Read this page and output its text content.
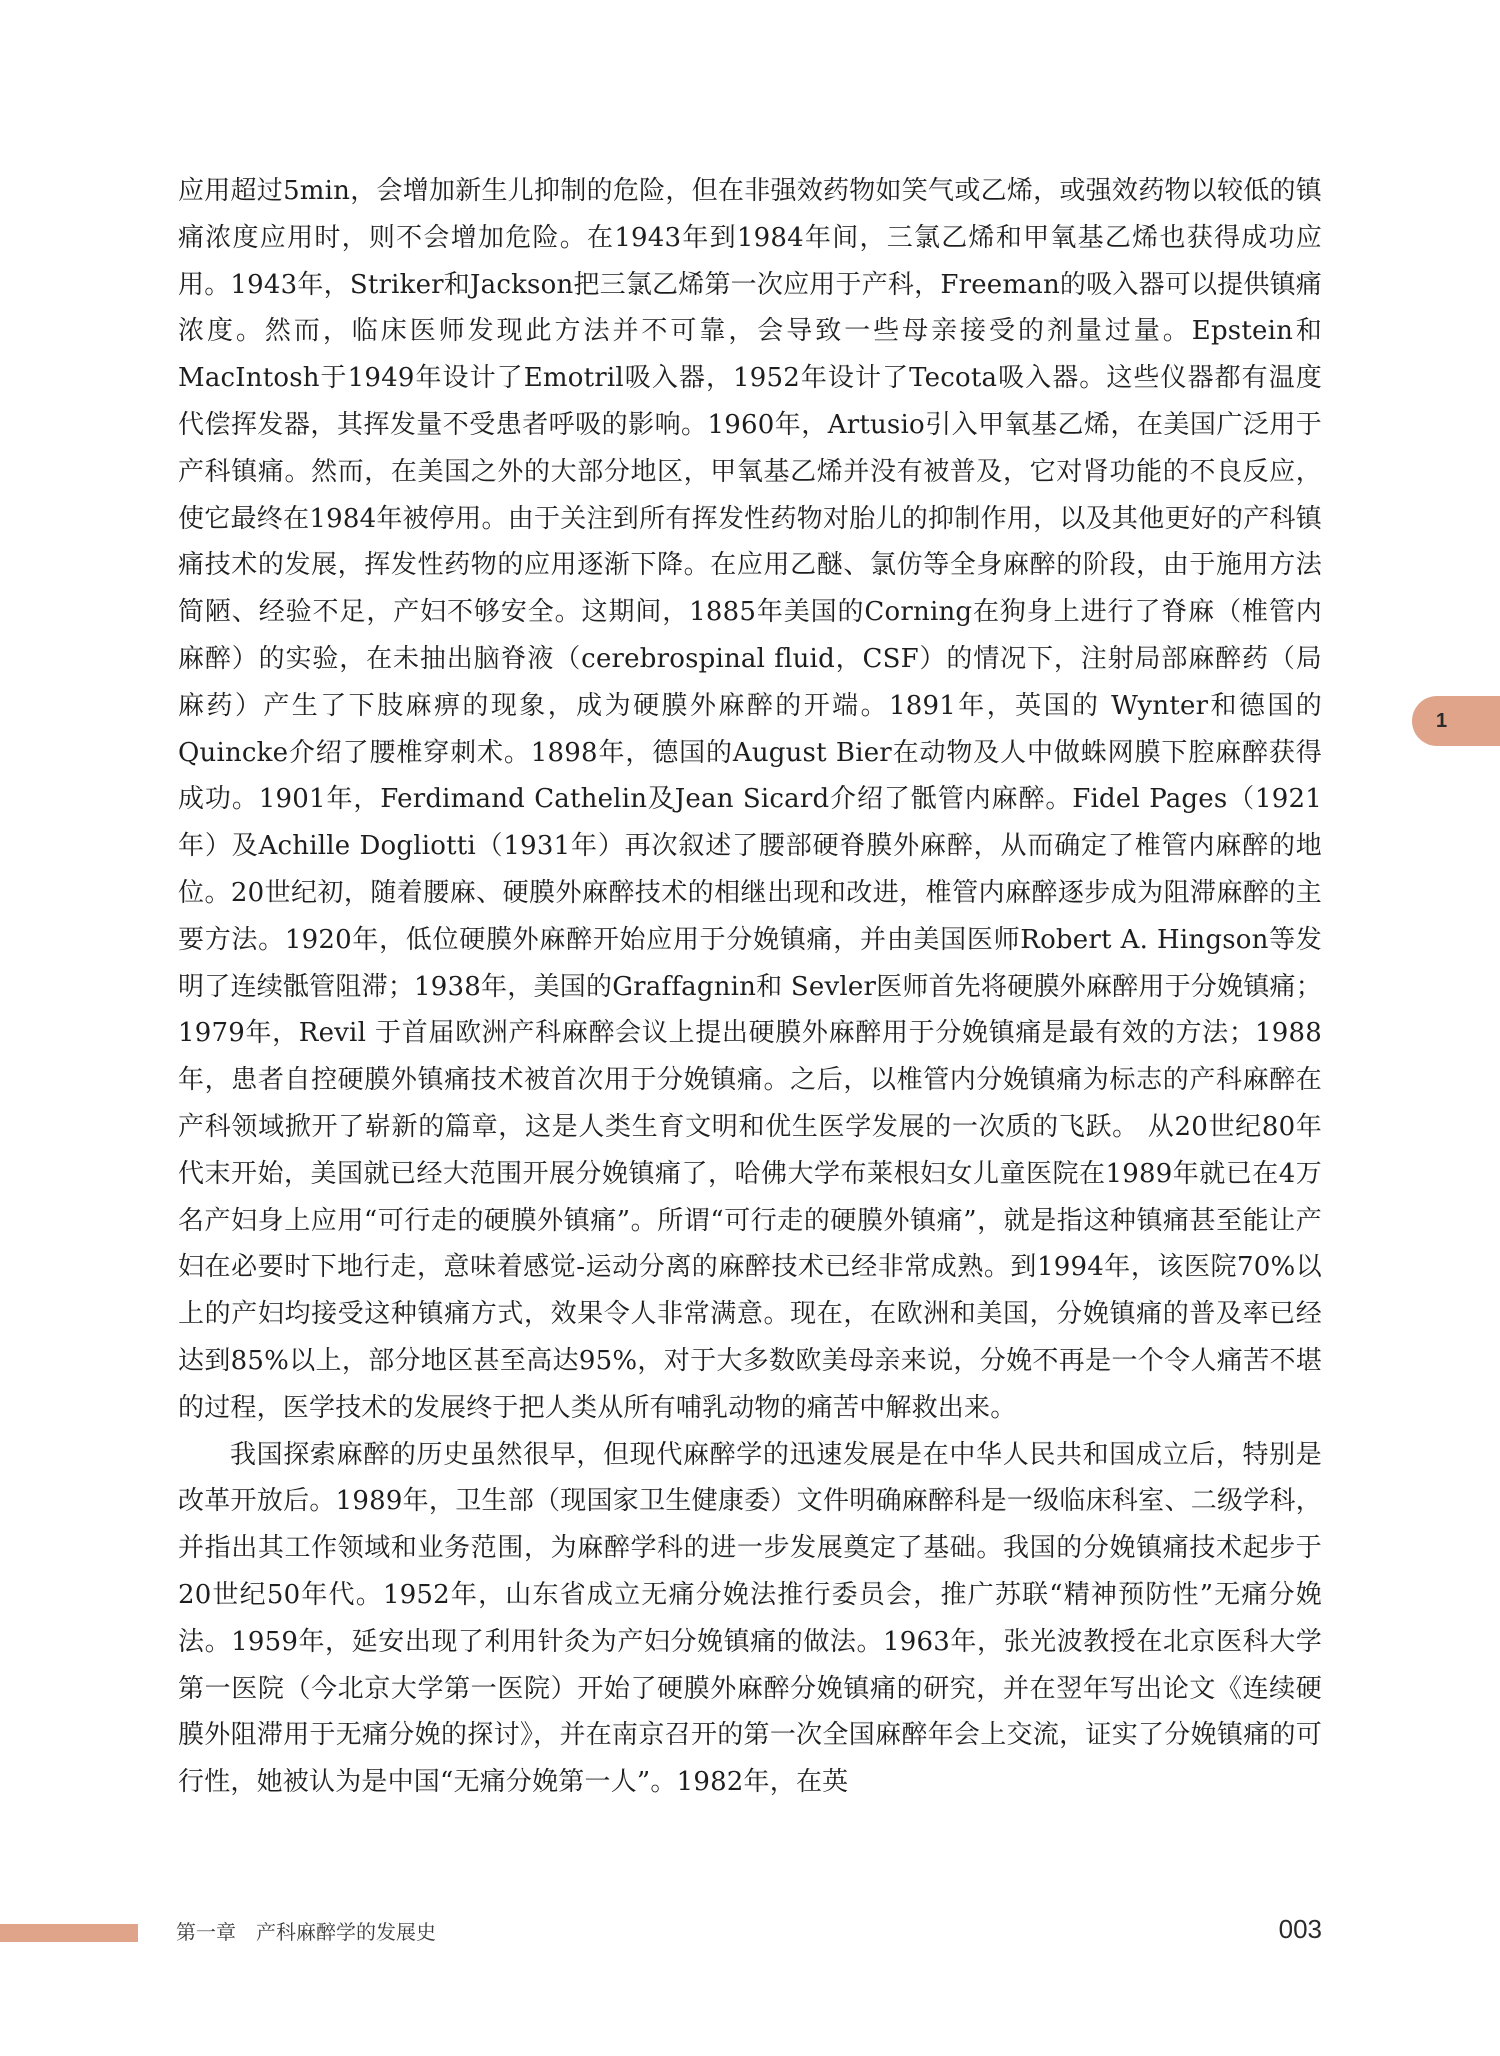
应用超过5min，会增加新生儿抑制的危险，但在非强效药物如笑气或乙烯，或强效药物以较低的镇痛浓度应用时，则不会增加危险。在1943年到1984年间，三氯乙烯和甲氧基乙烯也获得成功应用。1943年，Striker和Jackson把三氯乙烯第一次应用于产科，Freeman的吸入器可以提供镇痛浓度。然而，临床医师发现此方法并不可靠，会导致一些母亲接受的剂量过量。Epstein和MacIntosh于1949年设计了Emotril吸入器，1952年设计了Tecota吸入器。这些仪器都有温度代偿挥发器，其挥发量不受患者呼吸的影响。1960年，Artusio引入甲氧基乙烯，在美国广泛用于产科镇痛。然而，在美国之外的大部分地区，甲氧基乙烯并没有被普及，它对肾功能的不良反应，使它最终在1984年被停用。由于关注到所有挥发性药物对胎儿的抑制作用，以及其他更好的产科镇痛技术的发展，挥发性药物的应用逐渐下降。在应用乙醚、氯仿等全身麻醉的阶段，由于施用方法简陋、经验不足，产妇不够安全。这期间，1885年美国的Corning在狗身上进行了脊麻（椎管内麻醉）的实验，在未抽出脑脊液（cerebrospinal fluid，CSF）的情况下，注射局部麻醉药（局麻药）产生了下肢麻痹的现象，成为硬膜外麻醉的开端。1891年，英国的 Wynter和德国的Quincke介绍了腰椎穿刺术。1898年，德国的August Bier在动物及人中做蛛网膜下腔麻醉获得成功。1901年，Ferdimand Cathelin及Jean Sicard介绍了骶管内麻醉。Fidel Pages（1921年）及Achille Dogliotti（1931年）再次叙述了腰部硬脊膜外麻醉，从而确定了椎管内麻醉的地位。20世纪初，随着腰麻、硬膜外麻醉技术的相继出现和改进，椎管内麻醉逐步成为阻滞麻醉的主要方法。1920年，低位硬膜外麻醉开始应用于分娩镇痛，并由美国医师Robert A. Hingson等发明了连续骶管阻滞；1938年，美国的Graffagnin和 Sevler医师首先将硬膜外麻醉用于分娩镇痛；1979年，Revil 于首届欧洲产科麻醉会议上提出硬膜外麻醉用于分娩镇痛是最有效的方法；1988年，患者自控硬膜外镇痛技术被首次用于分娩镇痛。之后，以椎管内分娩镇痛为标志的产科麻醉在产科领域掀开了崭新的篇章，这是人类生育文明和优生医学发展的一次质的飞跃。 从20世纪80年代末开始，美国就已经大范围开展分娩镇痛了，哈佛大学布莱根妇女儿童医院在1989年就已在4万名产妇身上应用“可行走的硬膜外镇痛”。所谓“可行走的硬膜外镇痛”，就是指这种镇痛甚至能让产妇在必要时下地行走，意味着感觉-运动分离的麻醉技术已经非常成熟。到1994年，该医院70%以上的产妇均接受这种镇痛方式，效果令人非常满意。现在，在欧洲和美国，分娩镇痛的普及率已经达到85%以上，部分地区甚至高达95%，对于大多数欧美母亲来说，分娩不再是一个令人痛苦不堪的过程，医学技术的发展终于把人类从所有哺乳动物的痛苦中解救出来。

我国探索麻醉的历史虽然很早，但现代麻醉学的迅速发展是在中华人民共和国成立后，特别是改革开放后。1989年，卫生部（现国家卫生健康委）文件明确麻醉科是一级临床科室、二级学科，并指出其工作领域和业务范围，为麻醉学科的进一步发展奠定了基础。我国的分娩镇痛技术起步于20世纪50年代。1952年，山东省成立无痛分娩法推行委员会，推广苏联“精神预防性”无痛分娩法。1959年，延安出现了利用针灸为产妇分娩镇痛的做法。1963年，张光波教授在北京医科大学第一医院（今北京大学第一医院）开始了硬膜外麻醉分娩镇痛的研究，并在翌年写出论文《连续硬膜外阻滞用于无痛分娩的探讨》，并在南京召开的第一次全国麻醉年会上交流，证实了分娩镇痛的可行性，她被认为是中国“无痛分娩第一人”。1982年，在英

1
第一章　产科麻醉学的发展史	003
